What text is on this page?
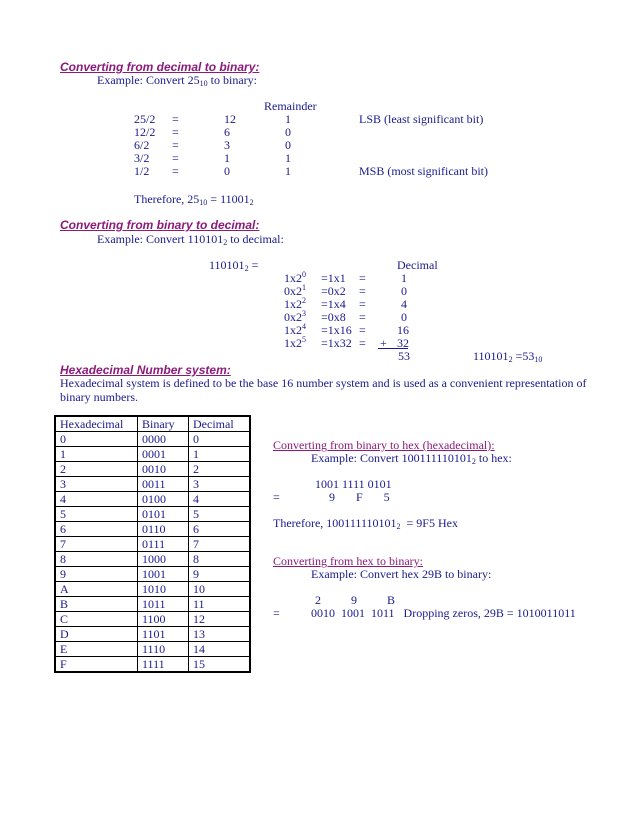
Converting from decimal to binary:
Example: Convert $25_{10}$ to binary:
Remainder
25/2 =	12	1	LSB (least significant bit)
12/2 =	6	0
6/2 =	3	0
3/2 =	1	1
1/2 =	0	1	MSB (most significant bit)
Therefore, $25_{10} = 11001_2$
Converting from binary to decimal:
Example: Convert $110101_2$ to decimal:
$110101_2$ =	Decimal
$1x2^0 =1x1$ =	1
$0x2^1 =0x2$ =	0
$1x2^2 =1x4$ =	4
$0x2^3 =0x8$ =	0
$1x2^4 =1x16$ =	16
$1x2^5 =1x32$ = + 32
53	$110101_2 =53_{10}$
Hexadecimal Number system:
Hexadecimal system is defined to be the base 16 number system and is used as a convenient representation of
binary numbers.
Hexadecimal	Binary	Decimal
0	0000	0
1	0001	1
2	0010	2
3	0011	3
4	0100	4
5	0101	5
6	0110	6
7	0111	7
8	1000	8
9	1001	9
A	1010	10
B	1011	11
C	1100	12
D	1101	13
E	1110	14
F	1111	15
Converting from binary to hex (hexadecimal):
Example: Convert $100111110101_2$ to hex:
1001 1111 0101
=	9       F       5
Therefore, $100111110101_2 = 9F5$ Hex
Converting from hex to binary:
Example: Convert hex 29B to binary:
2          9          B
=	0010  1001  1011   Dropping zeros, 29B = 1010011011
